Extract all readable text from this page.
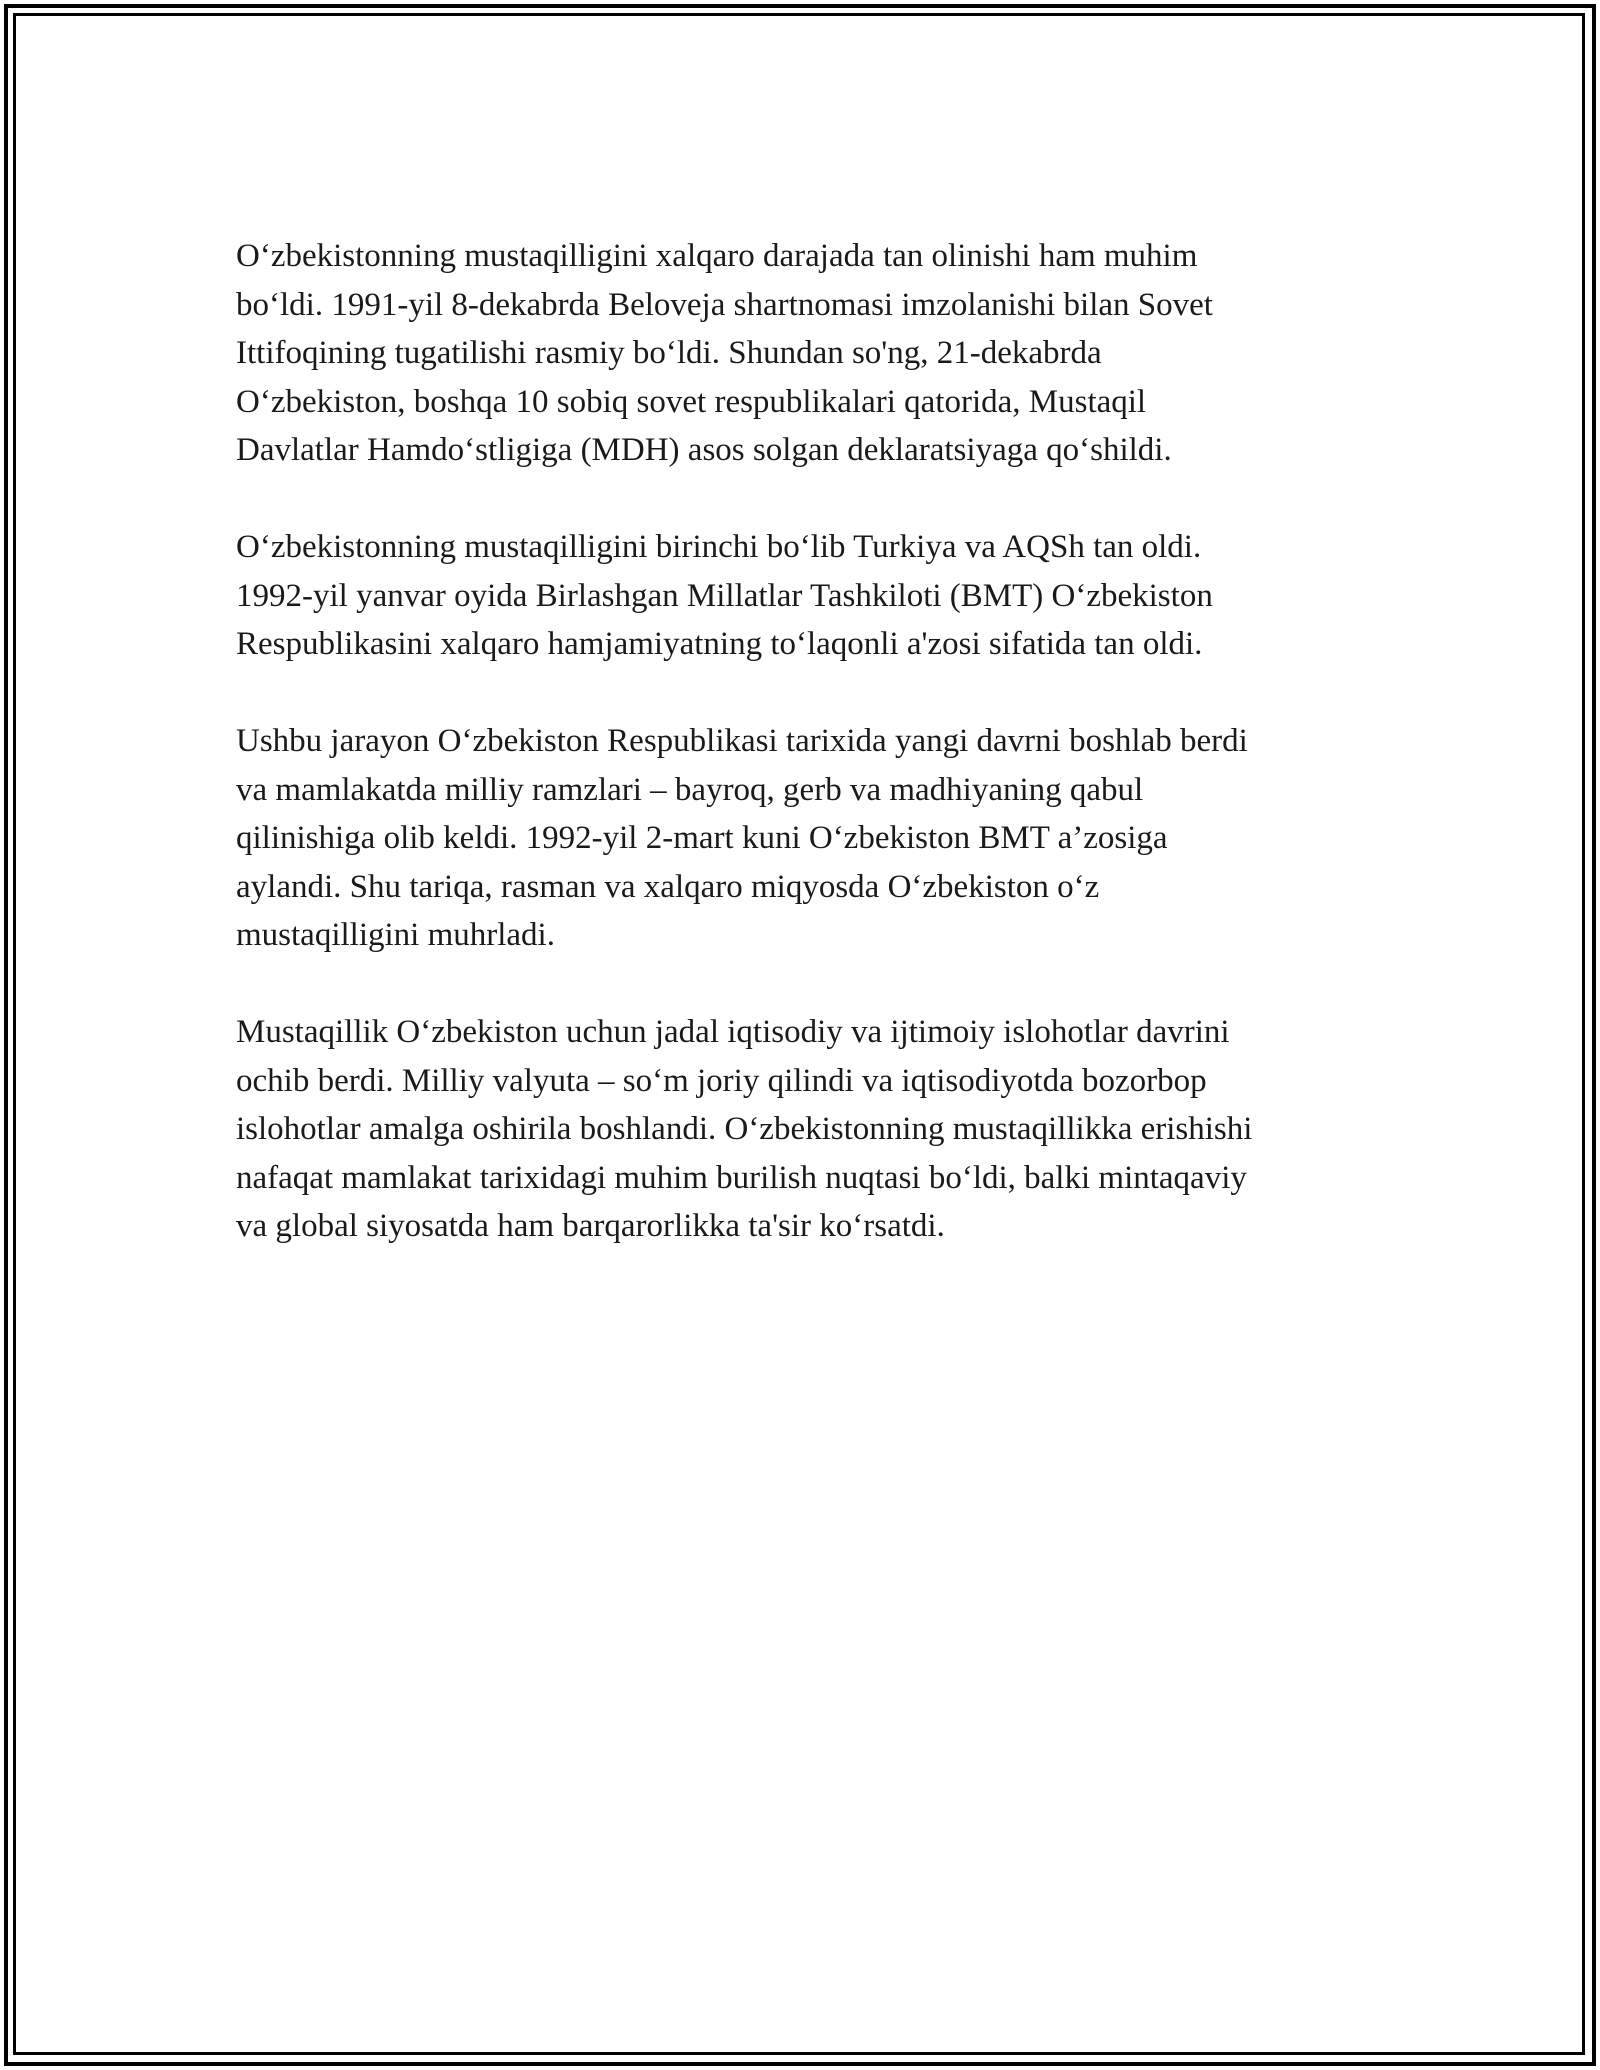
O‘zbekistonning mustaqilligini xalqaro darajada tan olinishi ham muhim
bo‘ldi. 1991-yil 8-dekabrda Beloveja shartnomasi imzolanishi bilan Sovet
Ittifoqining tugatilishi rasmiy bo‘ldi. Shundan so'ng, 21-dekabrda
O‘zbekiston, boshqa 10 sobiq sovet respublikalari qatorida, Mustaqil
Davlatlar Hamdo‘stligiga (MDH) asos solgan deklaratsiyaga qo‘shildi.

O‘zbekistonning mustaqilligini birinchi bo‘lib Turkiya va AQSh tan oldi.
1992-yil yanvar oyida Birlashgan Millatlar Tashkiloti (BMT) O‘zbekiston
Respublikasini xalqaro hamjamiyatning to‘laqonli a'zosi sifatida tan oldi.

Ushbu jarayon O‘zbekiston Respublikasi tarixida yangi davrni boshlab berdi
va mamlakatda milliy ramzlari – bayroq, gerb va madhiyaning qabul
qilinishiga olib keldi. 1992-yil 2-mart kuni O‘zbekiston BMT a’zosiga
aylandi. Shu tariqa, rasman va xalqaro miqyosda O‘zbekiston o‘z
mustaqilligini muhrladi.

Mustaqillik O‘zbekiston uchun jadal iqtisodiy va ijtimoiy islohotlar davrini
ochib berdi. Milliy valyuta – so‘m joriy qilindi va iqtisodiyotda bozorbop
islohotlar amalga oshirila boshlandi. O‘zbekistonning mustaqillikka erishishi
nafaqat mamlakat tarixidagi muhim burilish nuqtasi bo‘ldi, balki mintaqaviy
va global siyosatda ham barqarorlikka ta'sir ko‘rsatdi.
